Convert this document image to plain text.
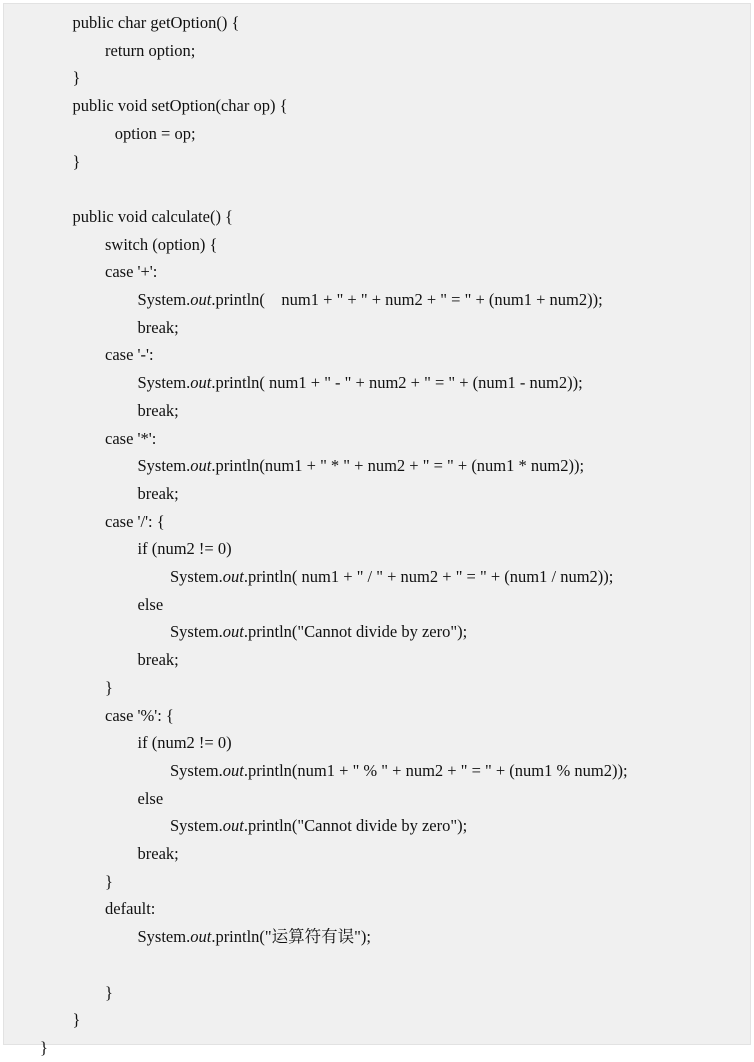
public char getOption() {
return option;
}
public void setOption(char op) {
option = op;
}
public void calculate() {
switch (option) {
case '+':
System.out.println(    num1 + " + " + num2 + " = " + (num1 + num2));
break;
case '-':
System.out.println( num1 + " - " + num2 + " = " + (num1 - num2));
break;
case '*':
System.out.println(num1 + " * " + num2 + " = " + (num1 * num2));
break;
case '/': {
if (num2 != 0)
System.out.println( num1 + " / " + num2 + " = " + (num1 / num2));
else
System.out.println("Cannot divide by zero");
break;
}
case '%': {
if (num2 != 0)
System.out.println(num1 + " % " + num2 + " = " + (num1 % num2));
else
System.out.println("Cannot divide by zero");
break;
}
default:
System.out.println("运算符有误");
}
}
}
